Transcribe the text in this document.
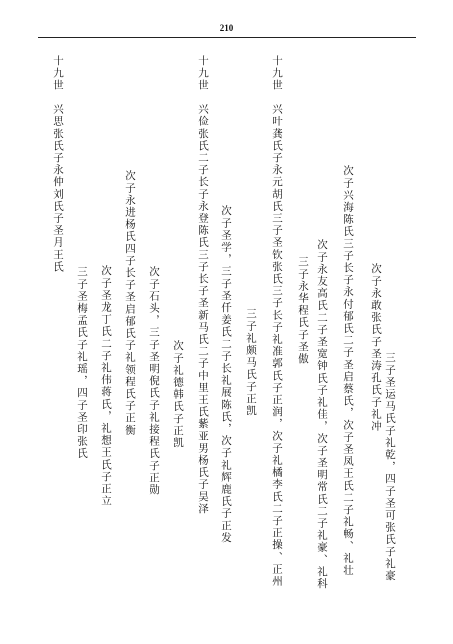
210
三子圣运马氏子礼乾，四子圣可张氏子礼豪
次子永敢张氏子圣涛孔氏子礼冲
次子兴海陈氏三子长子永付郁氏二子圣启蔡氏，次子圣凤王氏二子礼畅、礼壮
次子永友高氏二子圣宽钟氏子礼佳，次子圣明常氏二子礼豪、礼科
三子永华程氏子圣傲
十九世　兴叶龚氏子永元胡氏三子圣钦张氏三子长子礼准郭氏子正润，次子礼橘李氏二子正操、正州
三子礼颇马氏子正凯
次子圣学，三子圣仟姜氏二子长礼展陈氏，次子礼辉鹿氏子正发
十九世　兴俭张氏二子长子永登陈氏三子长子圣新马氏二子中里王氏紫亚男杨氏子昊泽
次子礼德韩氏子正凯
次子石头，三子圣明倪氏子礼接程氏子正勋
次子永进杨氏四子长子圣启郁氏子礼领程氏子正衡
次子圣龙丁氏二子礼伟蒋氏，礼想王氏子正立
三子圣梅孟氏子礼瑶，四子圣印张氏
十九世　兴思张氏子永仲刘氏子圣月王氏
